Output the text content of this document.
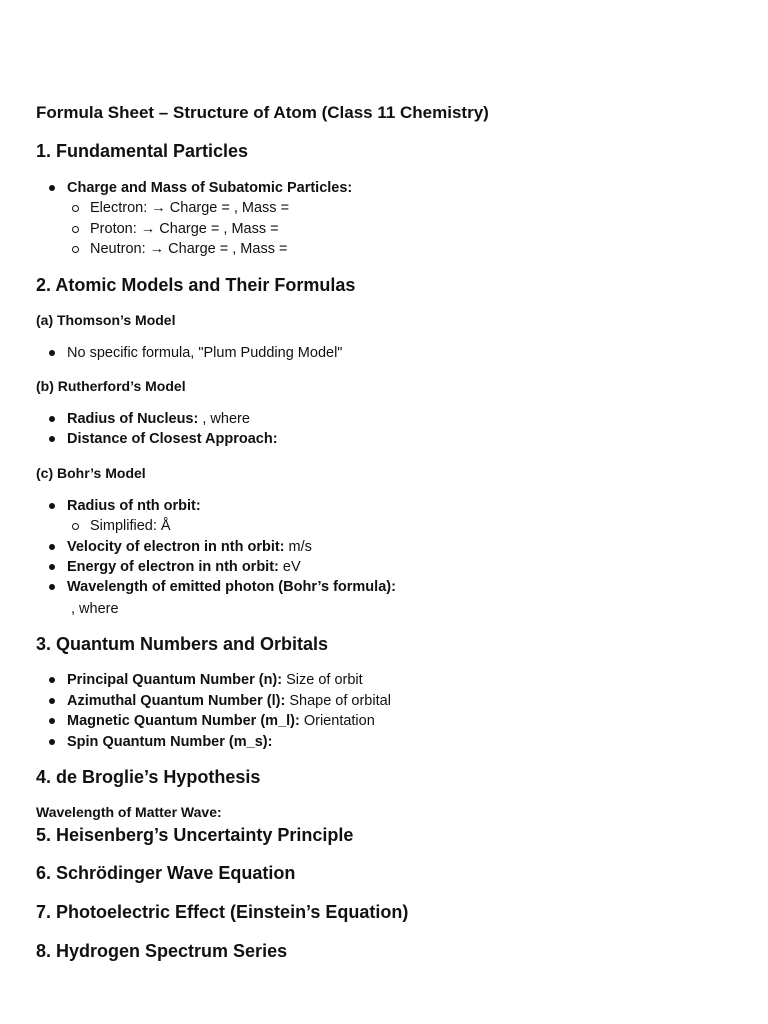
Formula Sheet – Structure of Atom (Class 11 Chemistry)

1. Fundamental Particles
Charge and Mass of Subatomic Particles:
Electron: → Charge = , Mass =
Proton: → Charge = , Mass =
Neutron: → Charge = , Mass =
2. Atomic Models and Their Formulas
(a) Thomson’s Model
No specific formula, "Plum Pudding Model"
(b) Rutherford’s Model
Radius of Nucleus: , where
Distance of Closest Approach:
(c) Bohr’s Model
Radius of nth orbit:
Simplified: Å
Velocity of electron in nth orbit: m/s
Energy of electron in nth orbit: eV
Wavelength of emitted photon (Bohr’s formula):
, where
3. Quantum Numbers and Orbitals
Principal Quantum Number (n): Size of orbit
Azimuthal Quantum Number (l): Shape of orbital
Magnetic Quantum Number (m_l): Orientation
Spin Quantum Number (m_s):
4. de Broglie’s Hypothesis
Wavelength of Matter Wave:
5. Heisenberg’s Uncertainty Principle
6. Schrödinger Wave Equation
7. Photoelectric Effect (Einstein’s Equation)
8. Hydrogen Spectrum Series
